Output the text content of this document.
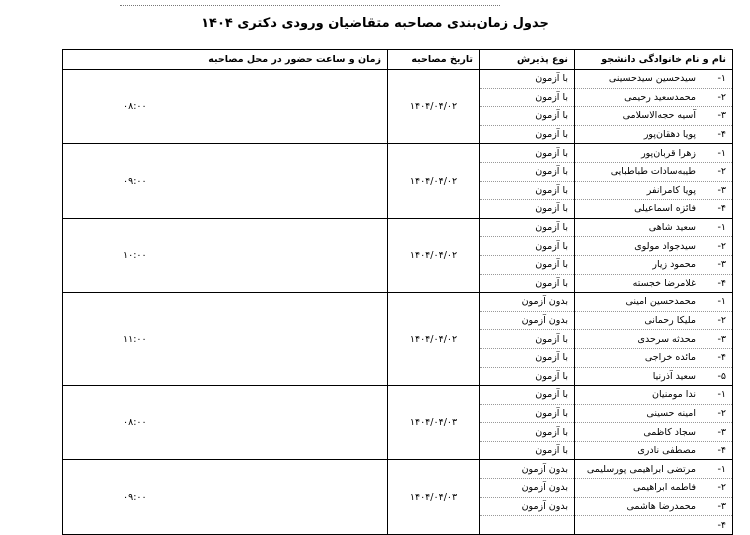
جدول زمان‌بندی مصاحبه متقاضیان ورودی دکتری ۱۴۰۴
نام و نام خانوادگی دانشجو	نوع پذیرش	تاریخ مصاحبه	زمان و ساعت حضور در محل مصاحبه
۱-سیدحسین سیدحسینی	با آزمون	۱۴۰۴/۰۴/۰۲	۰۸:۰۰
۲-محمدسعید رحیمی	با آزمون		
۳-آسیه حجه‌الاسلامی	با آزمون		
۴-پویا دهقان‌پور	با آزمون		
۱-زهرا قربان‌پور	با آزمون	۱۴۰۴/۰۴/۰۲	۰۹:۰۰
۲-طیبه‌سادات طباطبایی	با آزمون		
۳-پویا کامرانفر	با آزمون		
۴-فائزه اسماعیلی	با آزمون		
۱-سعید شاهی	با آزمون	۱۴۰۴/۰۴/۰۲	۱۰:۰۰
۲-سیدجواد مولوی	با آزمون		
۳-محمود زیار	با آزمون		
۴-غلامرضا خجسته	با آزمون		
۱-محمدحسین امینی	بدون آزمون	۱۴۰۴/۰۴/۰۲	۱۱:۰۰
۲-ملیکا رحمانی	بدون آزمون		
۳-محدثه سرحدی	با آزمون		
۴-مائده خراجی	با آزمون		
۵-سعید آذرنیا	با آزمون		
۱-ندا مومنیان	با آزمون	۱۴۰۴/۰۴/۰۳	۰۸:۰۰
۲-امینه حسینی	با آزمون		
۳-سجاد کاظمی	با آزمون		
۴-مصطفی نادری	با آزمون		
۱-مرتضی ابراهیمی پورسلیمی	بدون آزمون	۱۴۰۴/۰۴/۰۳	۰۹:۰۰
۲-فاطمه ابراهیمی	بدون آزمون		
۳-محمدرضا هاشمی	بدون آزمون		
۴-			
